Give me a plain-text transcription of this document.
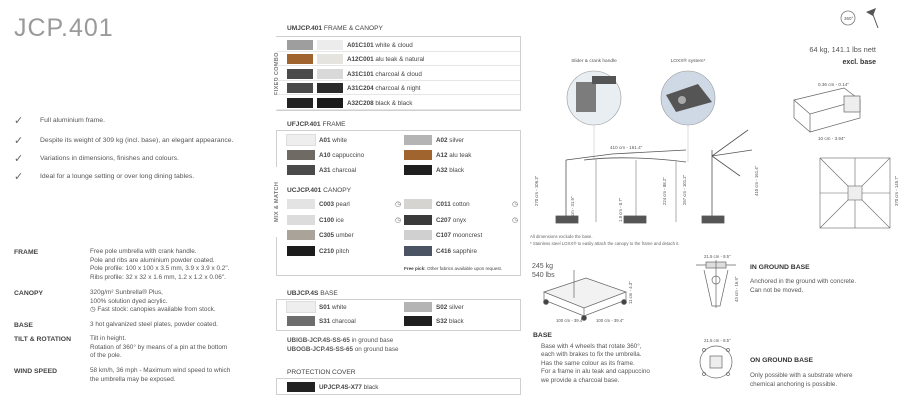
JCP.401
✓ Full aluminium frame.
✓ Despite its weight of 309 kg (incl. base), an elegant appearance.
✓ Variations in dimensions, finishes and colours.
✓ Ideal for a lounge setting or over long dining tables.
FRAME	Free pole umbrella with crank handle.
Pole and ribs are aluminium powder coated.
Pole profile: 100 x 100 x 3.5 mm, 3.9 x 3.9 x 0.2".
Ribs profile: 32 x 32 x 1.6 mm, 1.2 x 1.2 x 0.06".
CANOPY	320g/m² Sunbrella® Plus,
100% solution dyed acrylic.
◷ Fast stock: canopies available from stock.
BASE	3 hot galvanized steel plates, powder coated.
TILT & ROTATION	Tilt in height.
Rotation of 360° by means of a pin at the bottom
of the pole.
WIND SPEED	58 km/h, 36 mph - Maximum wind speed to which
the umbrella may be exposed.
UMJCP.401 FRAME & CANOPY
FIXED COMBO
A01C101 white & cloud
A12C001 alu teak & natural
A31C101 charcoal & cloud
A31C204 charcoal & night
A32C208 black & black
UFJCP.401 FRAME
MIX & MATCH
A01 white	A02 silver
A10 cappuccino	A12 alu teak
A31 charcoal	A32 black
UCJCP.401 CANOPY
C003 pearl	◷	C011 cotton	◷
C100 ice	◷	C207 onyx	◷
C305 umber	C107 mooncrest
C210 pitch	C416 sapphire
Free pick: Other fabrics available upon request.
UBJCP.4S BASE
S01 white	S02 silver
S31 charcoal	S32 black
UBIGB-JCP.4S-SS-65 in ground base
UBOGB-JCP.4S-SS-65 on ground base
PROTECTION COVER
UPJCP.4S-X77 black
360°
64 kg, 141.1 lbs nett
excl. base
Slider & crank handle	LOXX® system*
0.36 cm - 0.14"
10 cm - 3.94"
410 cm - 161.4"
270 cm - 106.3"	224 cm - 88.2"	257 cm - 101.2"	410 cm - 161.4"
80 cm - 31.5"	1.8 cm - 0.7"
370 cm - 145.7"
All dimensions exclude the base.
* Stainless steel LOXX® to easily attach the canopy to the frame and detach it.
245 kg
540 lbs
100 cm - 39.4"	100 cm - 39.4"
11 cm - 4.3"
21.5 cm - 8.5"
43 cm - 16.9"
21.5 cm - 8.5"
BASE
Base with 4 wheels that rotate 360°,
each with brakes to fix the umbrella.
Has the same colour as its frame.
For a frame in alu teak and cappuccino
we provide a charcoal base.
IN GROUND BASE
Anchored in the ground with concrete.
Can not be moved.
ON GROUND BASE
Only possible with a substrate where
chemical anchoring is possible.
